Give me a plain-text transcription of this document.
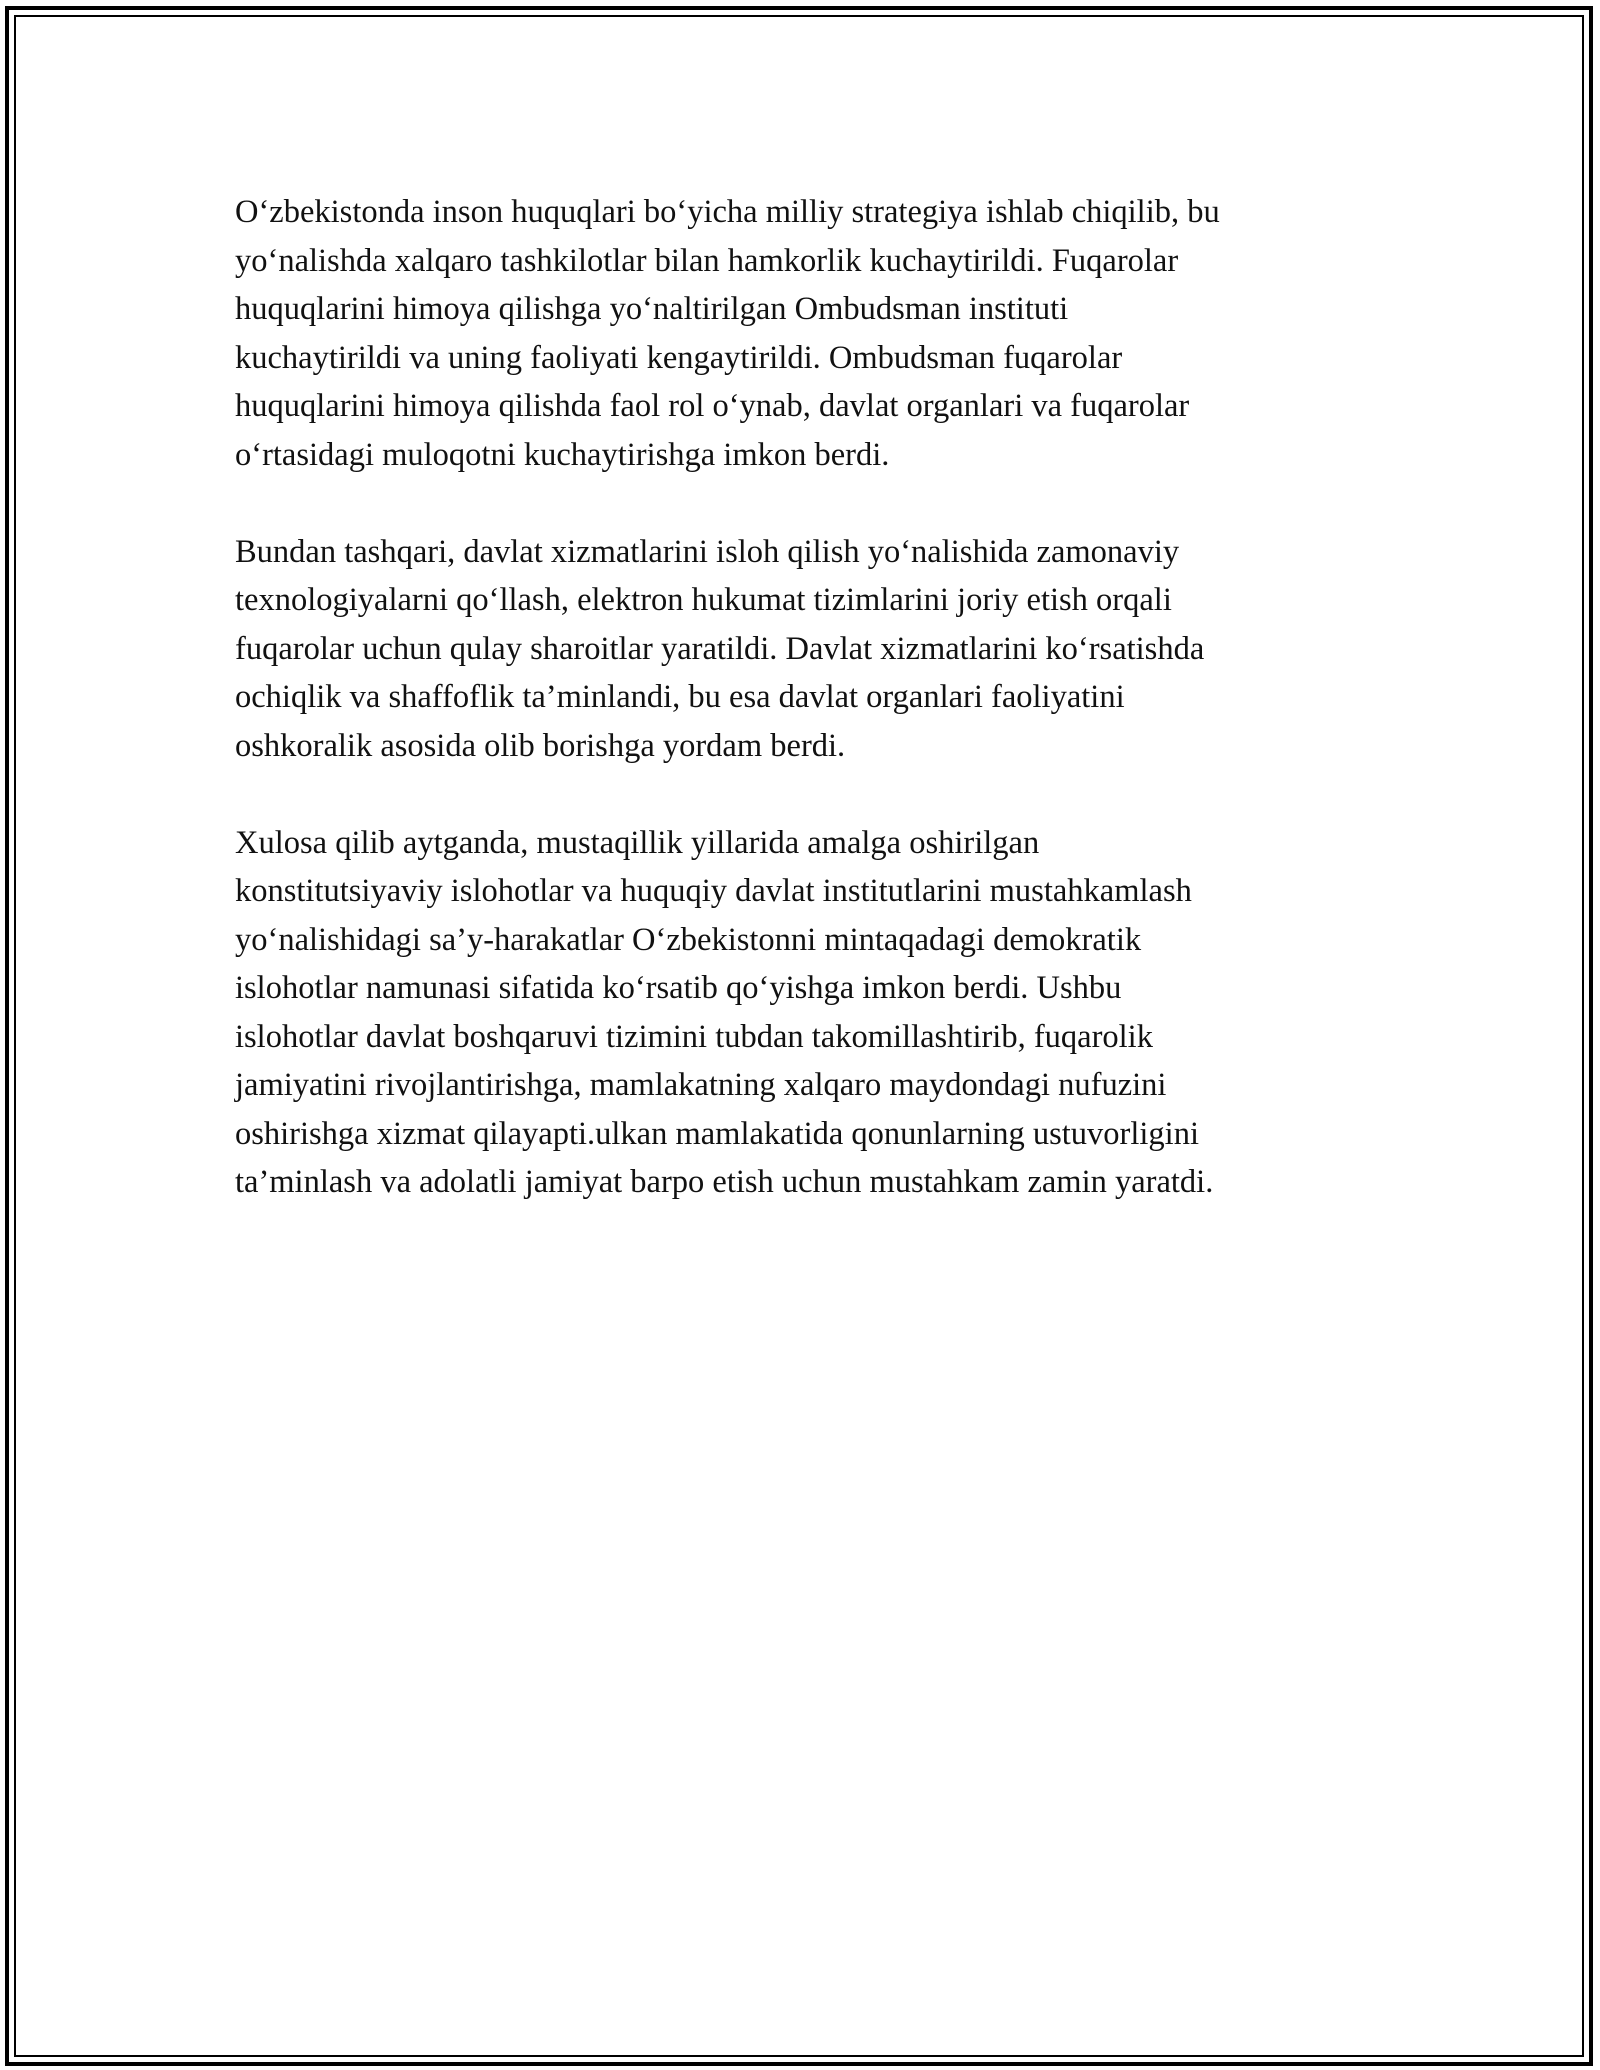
O‘zbekistonda inson huquqlari bo‘yicha milliy strategiya ishlab chiqilib, bu
yo‘nalishda xalqaro tashkilotlar bilan hamkorlik kuchaytirildi. Fuqarolar
huquqlarini himoya qilishga yo‘naltirilgan Ombudsman instituti
kuchaytirildi va uning faoliyati kengaytirildi. Ombudsman fuqarolar
huquqlarini himoya qilishda faol rol o‘ynab, davlat organlari va fuqarolar
o‘rtasidagi muloqotni kuchaytirishga imkon berdi.

Bundan tashqari, davlat xizmatlarini isloh qilish yo‘nalishida zamonaviy
texnologiyalarni qo‘llash, elektron hukumat tizimlarini joriy etish orqali
fuqarolar uchun qulay sharoitlar yaratildi. Davlat xizmatlarini ko‘rsatishda
ochiqlik va shaffoflik ta’minlandi, bu esa davlat organlari faoliyatini
oshkoralik asosida olib borishga yordam berdi.

Xulosa qilib aytganda, mustaqillik yillarida amalga oshirilgan
konstitutsiyaviy islohotlar va huquqiy davlat institutlarini mustahkamlash
yo‘nalishidagi sa’y-harakatlar O‘zbekistonni mintaqadagi demokratik
islohotlar namunasi sifatida ko‘rsatib qo‘yishga imkon berdi. Ushbu
islohotlar davlat boshqaruvi tizimini tubdan takomillashtirib, fuqarolik
jamiyatini rivojlantirishga, mamlakatning xalqaro maydondagi nufuzini
oshirishga xizmat qilayapti.ulkan mamlakatida qonunlarning ustuvorligini
ta’minlash va adolatli jamiyat barpo etish uchun mustahkam zamin yaratdi.
